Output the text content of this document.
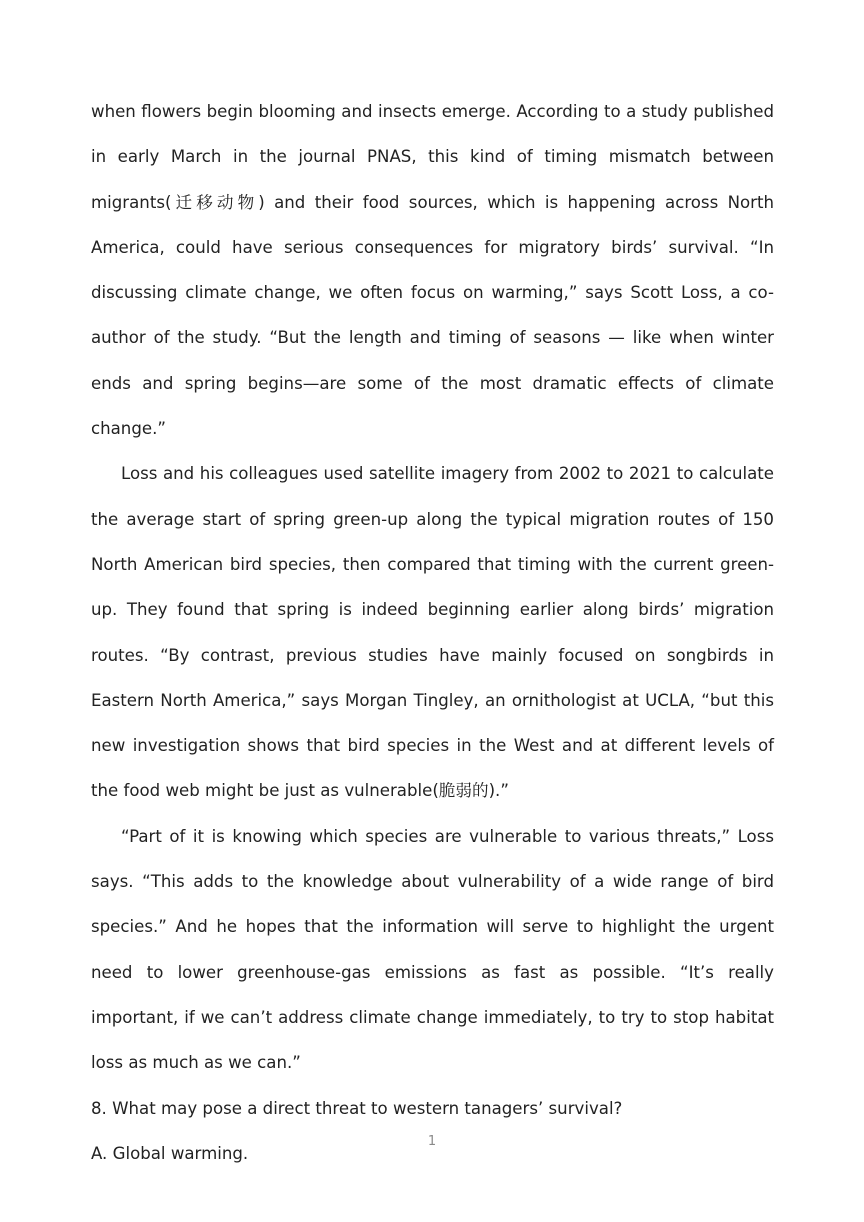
when flowers begin blooming and insects emerge. According to a study published in early March in the journal PNAS, this kind of timing mismatch between migrants(迁移动物) and their food sources, which is happening across North America, could have serious consequences for migratory birds’ survival. “In discussing climate change, we often focus on warming,” says Scott Loss, a co-author of the study. “But the length and timing of seasons — like when winter ends and spring begins—are some of the most dramatic effects of climate change.”

Loss and his colleagues used satellite imagery from 2002 to 2021 to calculate the average start of spring green-up along the typical migration routes of 150 North American bird species, then compared that timing with the current green-up. They found that spring is indeed beginning earlier along birds’ migration routes. “By contrast, previous studies have mainly focused on songbirds in Eastern North America,” says Morgan Tingley, an ornithologist at UCLA, “but this new investigation shows that bird species in the West and at different levels of the food web might be just as vulnerable(脆弱的).”

“Part of it is knowing which species are vulnerable to various threats,” Loss says. “This adds to the knowledge about vulnerability of a wide range of bird species.” And he hopes that the information will serve to highlight the urgent need to lower greenhouse-gas emissions as fast as possible. “It’s really important, if we can’t address climate change immediately, to try to stop habitat loss as much as we can.”

8. What may pose a direct threat to western tanagers’ survival?

A. Global warming.

1
